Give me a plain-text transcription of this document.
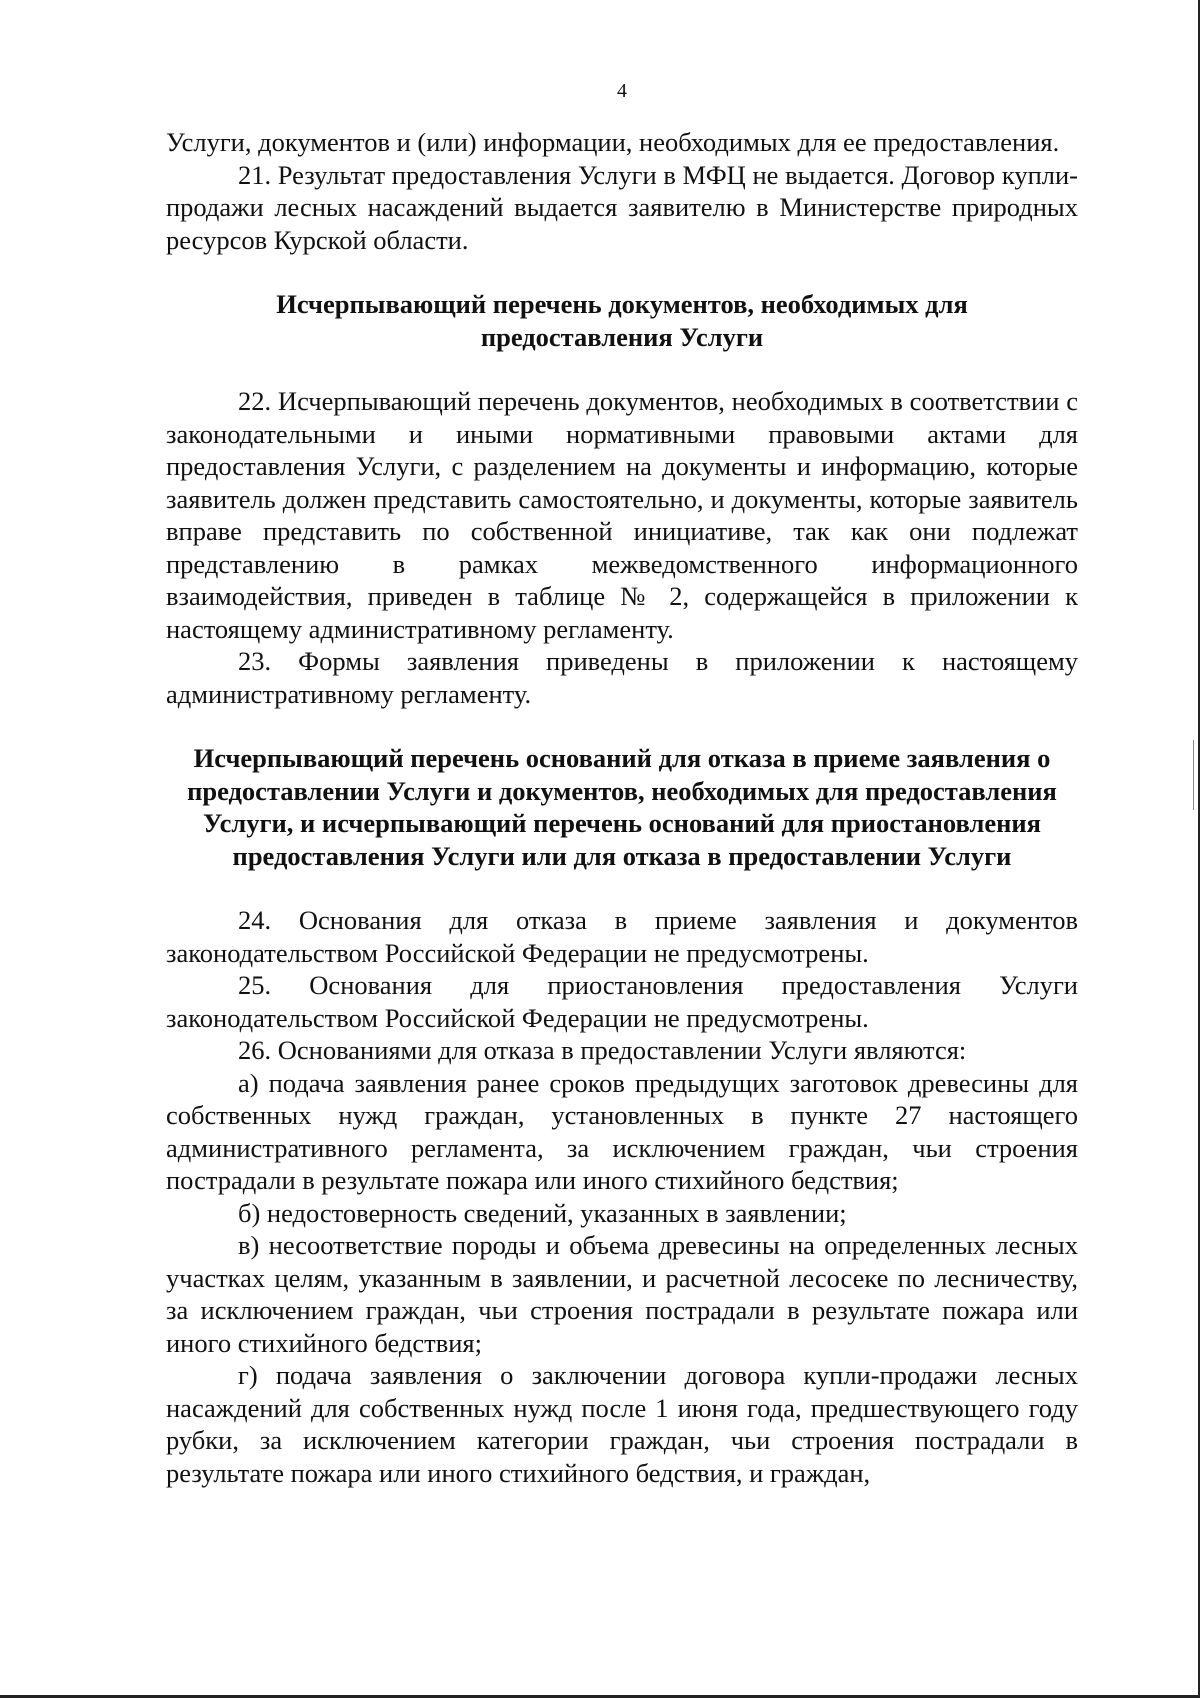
4

Услуги, документов и (или) информации, необходимых для ее предоставления.

21. Результат предоставления Услуги в МФЦ не выдается. Договор купли-продажи лесных насаждений выдается заявителю в Министерстве природных ресурсов Курской области.

Исчерпывающий перечень документов, необходимых для предоставления Услуги

22. Исчерпывающий перечень документов, необходимых в соответствии с законодательными и иными нормативными правовыми актами для предоставления Услуги, с разделением на документы и информацию, которые заявитель должен представить самостоятельно, и документы, которые заявитель вправе представить по собственной инициативе, так как они подлежат представлению в рамках межведомственного информационного взаимодействия, приведен в таблице № 2, содержащейся в приложении к настоящему административному регламенту.

23. Формы заявления приведены в приложении к настоящему административному регламенту.

Исчерпывающий перечень оснований для отказа в приеме заявления о предоставлении Услуги и документов, необходимых для предоставления Услуги, и исчерпывающий перечень оснований для приостановления предоставления Услуги или для отказа в предоставлении Услуги

24. Основания для отказа в приеме заявления и документов законодательством Российской Федерации не предусмотрены.

25. Основания для приостановления предоставления Услуги законодательством Российской Федерации не предусмотрены.

26. Основаниями для отказа в предоставлении Услуги являются:

а) подача заявления ранее сроков предыдущих заготовок древесины для собственных нужд граждан, установленных в пункте 27 настоящего административного регламента, за исключением граждан, чьи строения пострадали в результате пожара или иного стихийного бедствия;

б) недостоверность сведений, указанных в заявлении;

в) несоответствие породы и объема древесины на определенных лесных участках целям, указанным в заявлении, и расчетной лесосеке по лесничеству, за исключением граждан, чьи строения пострадали в результате пожара или иного стихийного бедствия;

г) подача заявления о заключении договора купли-продажи лесных насаждений для собственных нужд после 1 июня года, предшествующего году рубки, за исключением категории граждан, чьи строения пострадали в результате пожара или иного стихийного бедствия, и граждан,
